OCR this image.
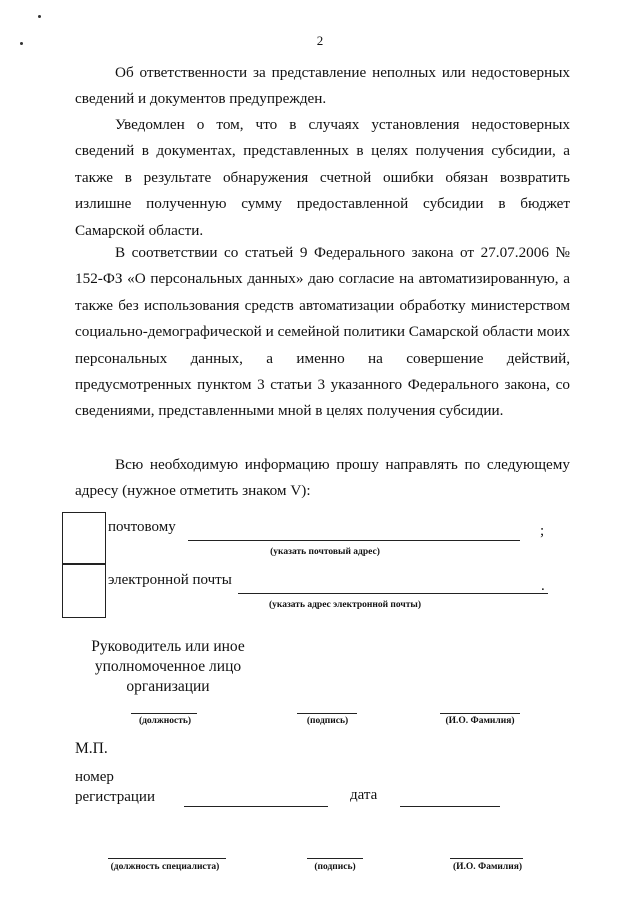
2

Об ответственности за представление неполных или недостоверных сведений и документов предупрежден.

Уведомлен о том, что в случаях установления недостоверных сведений в документах, представленных в целях получения субсидии, а также в результате обнаружения счетной ошибки обязан возвратить излишне полученную сумму предоставленной субсидии в бюджет Самарской области.

В соответствии со статьей 9 Федерального закона от 27.07.2006 № 152-ФЗ «О персональных данных» даю согласие на автоматизированную, а также без использования средств автоматизации обработку министерством социально-демографической и семейной политики Самарской области моих персональных данных, а именно на совершение действий, предусмотренных пунктом 3 статьи 3 указанного Федерального закона, со сведениями, представленными мной в целях получения субсидии.

Всю необходимую информацию прошу направлять по следующему адресу (нужное отметить знаком V):

почтовому	;
(указать почтовый адрес)
электронной почты	.
(указать адрес электронной почты)
Руководитель или иное
уполномоченное лицо
организации
(должность)	(подпись)	(И.О. Фамилия)
М.П.
номер
регистрации	дата
(должность специалиста)	(подпись)	(И.О. Фамилия)
